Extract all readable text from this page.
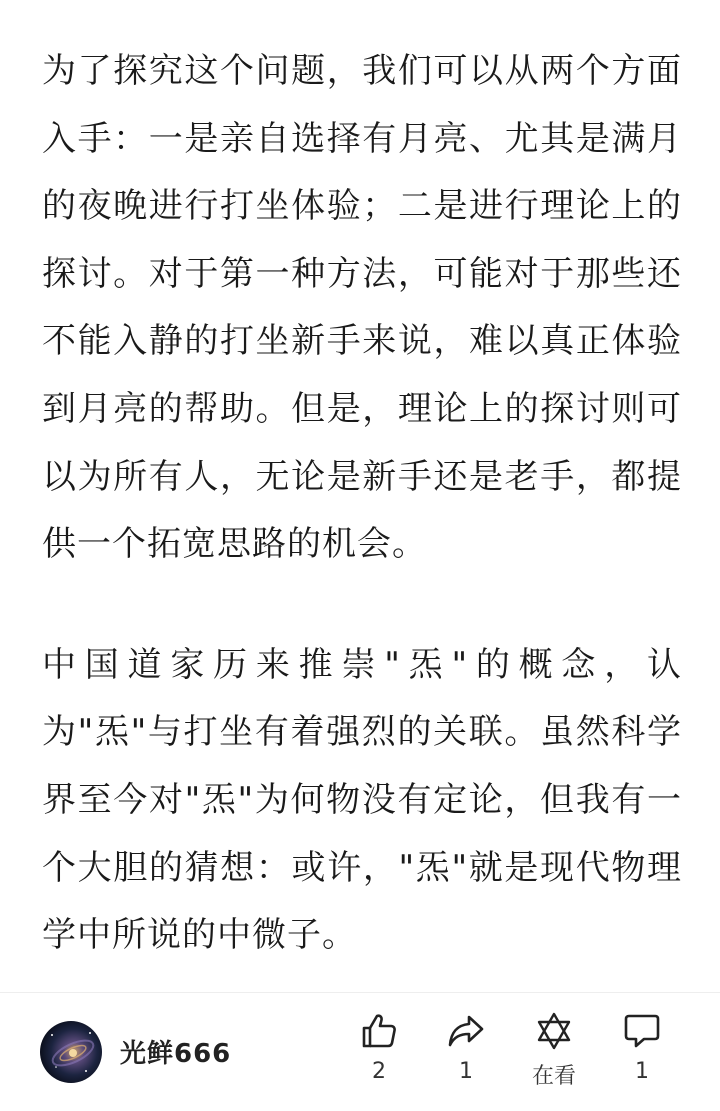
为了探究这个问题，我们可以从两个方面入手：一是亲自选择有月亮、尤其是满月的夜晚进行打坐体验；二是进行理论上的探讨。对于第一种方法，可能对于那些还不能入静的打坐新手来说，难以真正体验到月亮的帮助。但是，理论上的探讨则可以为所有人，无论是新手还是老手，都提供一个拓宽思路的机会。

中国道家历来推崇"炁"的概念，认为"炁"与打坐有着强烈的关联。虽然科学界至今对"炁"为何物没有定论，但我有一个大胆的猜想：或许，"炁"就是现代物理学中所说的中微子。

光鲜666
2	1	在看	1
